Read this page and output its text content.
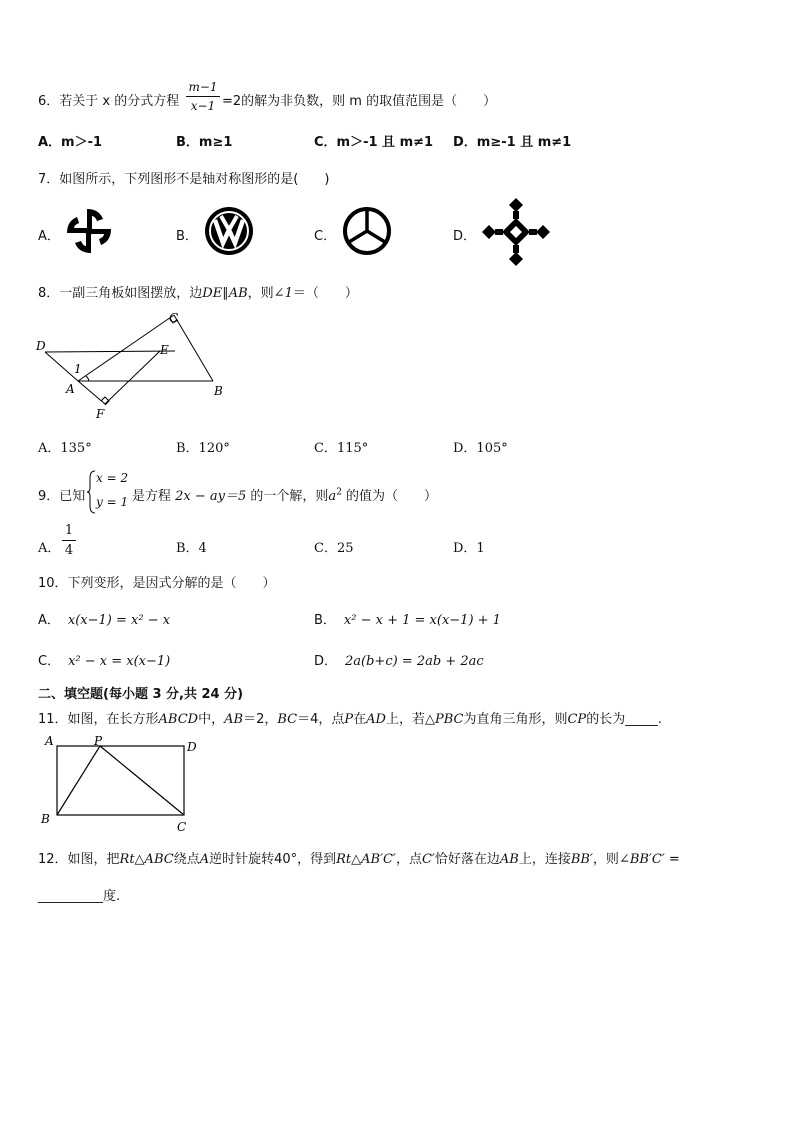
6．若关于 x 的分式方程
m−1
x−1 =2的解为非负数，则 m 的取值范围是（　　）
A．m＞-1	B．m≥1	C．m＞-1 且 m≠1 D．m≥-1 且 m≠1
7．如图所示，下列图形不是轴对称图形的是(　　)
A．	B．	C．	D．
8．一副三角板如图摆放，边DE∥AB，则∠1＝（　　）
C
D	E
1
A	B
F
A．135°	B．120°	C．115°	D．105°
9．已知
x = 2
y = 1 是方程 2x − ay＝5 的一个解，则$a^2$ 的值为（　　）
A．
1
4	B．4	C．25	D．1
10．下列变形，是因式分解的是（　　）
A． x(x−1) = x² − x	B． x² − x + 1 = x(x−1) + 1
C． x² − x = x(x−1)	D． 2a(b+c) = 2ab + 2ac
二、填空题(每小题 3 分,共 24 分)
11．如图，在长方形ABCD中，AB＝2，BC＝4，点P在AD上，若△PBC为直角三角形，则CP的长为_____.
A	P	D
B
C
12．如图，把Rt△ABC绕点A逆时针旋转40°，得到Rt△AB′C′，点C′恰好落在边AB上，连接BB′，则∠BB′C′ =
__________度.
